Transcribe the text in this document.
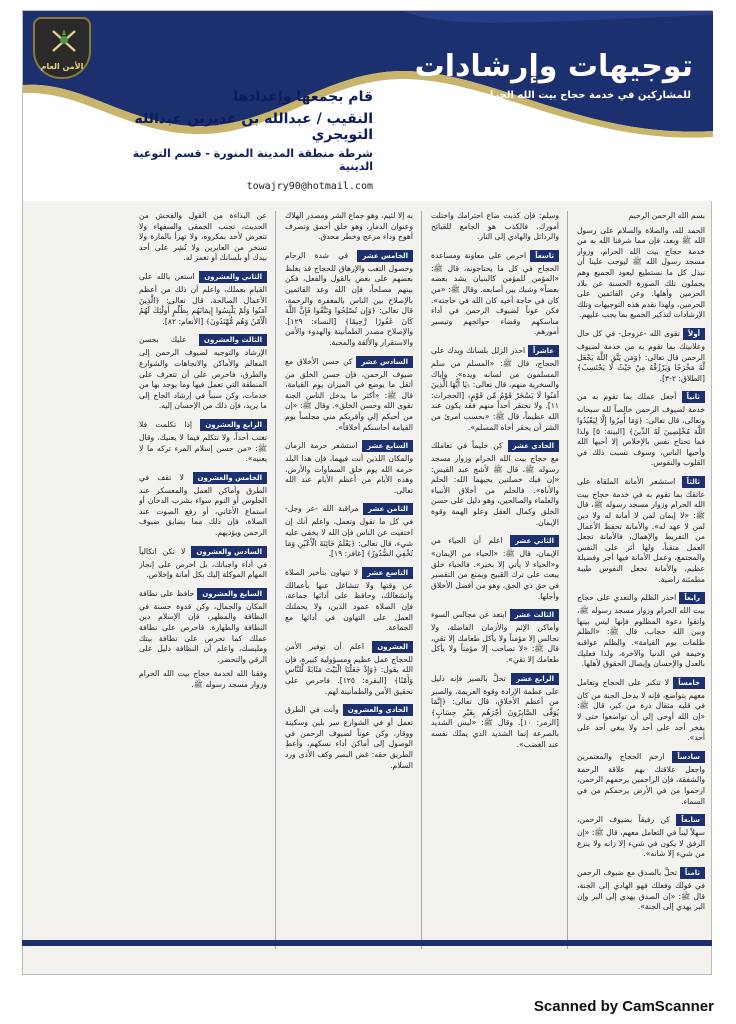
توجيهات وإرشادات
للمشاركين في خدمة حجاج بيت الله الحرام ومسجد رسول الله ﷺ
الأمن العام
قام بجمعها وإعدادها
النقيب / عبدالله بن غديربن عبدالله التويجري
شرطة منطقة المدينة المنورة - قسم التوعية الدينية
towajry90@hotmail.com

بسم الله الرحمن الرحيم

الحمد لله، والصلاة والسلام على رسول الله ﷺ وبعد، فإن مما شرفنا الله به من خدمة حجاج بيت الله الحرام، وزوار مسجد رسول الله ﷺ ليوجب علينا أن نبذل كل ما نستطيع ليعود الجميع وهم يحملون تلك الصورة الحسنة عن بلاد الحرمين وأهلها. وعن القائمين على الحرمين، ولهذا نقدم هذه التوجيهات وتلك الإرشادات لتذكير الجميع بما يجب عليهم.

أولاً تقوى الله -عزوجل- في كل حال وعلانيتك بما تقوم به من خدمة لضيوف الرحمن قال تعالى: ﴿وَمَن يَتَّقِ اللَّهَ يَجْعَل لَّهُ مَخْرَجًا وَيَرْزُقْهُ مِنْ حَيْثُ لَا يَحْتَسِبُ﴾ [الطلاق: ٢-٣].

ثانياً أجعل عملك بما تقوم به من خدمة لضيوف الرحمن خالصاً لله سبحانه وتعالى، قال تعالى: ﴿وَمَا أُمِرُوا إِلَّا لِيَعْبُدُوا اللَّهَ مُخْلِصِينَ لَهُ الدِّينَ﴾ [البينة: ٥] ولذا فما تحتاج نفس بالإخلاص إلا أحبها الله وأحبها الناس، وسوف تسبب ذلك في القلوب والنفوس.

ثالثاً استشعر الأمانة الملقاة على عاتقك بما تقوم به في خدمة حجاج بيت الله الحرام وزوار مسجد رسوله ﷺ، قال ﷺ: «لا إيمان لمن لا أمانة له ولا دين لمن لا عهد له». والأمانة تحفظ الأعمال من التفريط والإهمال، فالأمانة تجعل العمل متقناً، ولها أثر على النفس والمجتمع، وعمل الأمانة فيها أجر وفضيلة عظيم، والأمانة تجعل النفوس طيبة مطمئنة راضية.

رابعاً احذر الظلم والتعدي على حجاج بيت الله الحرام وزوار مسجد رسوله ﷺ، واتقوا دعوة المظلوم فإنها ليس بينها وبين الله حجاب، قال ﷺ: «الظلم ظلمات يوم القيامة». والظلم عواقبه وخيمة في الدنيا والآخرة، ولذا فعليك بالعدل والإحسان وإيصال الحقوق لأهلها.

خامساً لا تتكبر على الحجاج وتعامل معهم بتواضع، فإنه لا يدخل الجنة من كان في قلبه مثقال ذرة من كبر، قال ﷺ: «إن الله أوحى إلي أن تواضعوا حتى لا يفخر أحد على أحد ولا يبغي أحد على أحد».

سادساً ارحم الحجاج والمعتمرين واجعل علاقتك بهم علاقة الرحمة والشفقة، فإن الراحمين يرحمهم الرحمن، ارحموا من في الأرض يرحمكم من في السماء.

سابعاً كن رفيقاً بضيوف الرحمن، سهلاً ليناً في التعامل معهم، قال ﷺ: «إن الرفق لا يكون في شيء إلا زانه ولا ينزع من شيء إلا شانه».

ثامناً تحلَّ بالصدق مع ضيوف الرحمن في قولك وفعلك فهو الهادي إلى الجنة، قال ﷺ: «إن الصدق يهدي إلى البر وإن البر يهدي إلى الجنة».

وسلم: فإن كذبت ضاع احترامك واختلت أمورك. فالكذب هو الجامع للقبائح والرذائل والهادي إلى النار.

تاسعاً احرص على معاونة ومساعدة الحجاج في كل ما يحتاجونه، قال ﷺ: «المؤمن للمؤمن كالبنيان يشد بعضه بعضاً» وشبك بين أصابعه. وقال ﷺ: «من كان في حاجة أخيه كان الله في حاجته». فكن عوناً لضيوف الرحمن في أداء مناسكهم وقضاء حوائجهم وتيسير أمورهم.

عاشراً احذر الزلل بلسانك ويدك على الحجاج، قال ﷺ: «المسلم من سلم المسلمون من لسانه ويده». وإياك والسخرية منهم، قال تعالى: ﴿يَا أَيُّهَا الَّذِينَ آمَنُوا لَا يَسْخَرْ قَوْمٌ مِّن قَوْمٍ﴾ [الحجرات: ١١]. ولا تحتقر أحداً منهم فقد يكون عند الله عظيماً، قال ﷺ: «بحسب امرئ من الشر أن يحقر أخاه المسلم».

الحادي عشر كن حليماً في تعاملك مع حجاج بيت الله الحرام وزوار مسجد رسوله ﷺ، قال ﷺ لأشج عبد القيس: «إن فيك خصلتين يحبهما الله: الحلم والأناة». فالحلم من أخلاق الأنبياء والعلماء والصالحين، وهو دليل على حسن الخلق وكمال العقل وعلو الهمة وقوة الإيمان.

الثاني عشر اعلم أن الحياء من الإيمان، قال ﷺ: «الحياء من الإيمان» و«الحياء لا يأتي إلا بخير». فالحياء خلق يبعث على ترك القبيح ويمنع من التقصير في حق ذي الحق، وهو من أفضل الأخلاق وأجلها.

الثالث عشر ابتعد عن مجالس السوء وأماكن الإثم والأزمان الفاضلة، ولا تجالس إلا مؤمناً ولا يأكل طعامك إلا تقي، قال ﷺ: «لا تصاحب إلا مؤمناً ولا يأكل طعامك إلا تقي».

الرابع عشر تحلَّ بالصبر فإنه دليل على عظمة الإرادة وقوة العزيمة، والصبر من أعظم الأخلاق، قال تعالى: ﴿إِنَّمَا يُوَفَّى الصَّابِرُونَ أَجْرَهُم بِغَيْرِ حِسَابٍ﴾ [الزمر: ١٠]. وقال ﷺ: «ليس الشديد بالصرعة إنما الشديد الذي يملك نفسه عند الغضب».

به إلا لئيم، وهو جماع الشر ومصدر الهلاك وعنوان الدمار، وهو خلق أحمق وتصرف أهوج وداء مزعج وخطر محدق.

الخامس عشر في شدة الزحام وحصول التعب والإرهاق للحجاج قد يغلظ بعضهم على بعض بالقول والفعل، فكن بينهم مصلحاً، فإن الله وعد القائمين بالإصلاح بين الناس بالمغفرة والرحمة، قال تعالى: ﴿وَإِن تُصْلِحُوا وَتَتَّقُوا فَإِنَّ اللَّهَ كَانَ غَفُورًا رَّحِيمًا﴾ [النساء: ١٢٩]. والإصلاح مصدر الطمأنينة والهدوء والأمن والاستقرار والألفة والمحبة.

السادس عشر كن حسن الأخلاق مع ضيوف الرحمن، فإن حسن الخلق من أثقل ما يوضع في الميزان يوم القيامة، قال ﷺ: «أكثر ما يدخل الناس الجنة تقوى الله وحسن الخلق». وقال ﷺ: «إن من أحبكم إلي وأقربكم مني مجلساً يوم القيامة أحاسنكم أخلاقاً».

السابع عشر استشعر حرمة الزمان والمكان اللذين أنت فيهما، فإن هذا البلد حرمه الله يوم خلق السماوات والأرض، وهذه الأيام من أعظم الأيام عند الله تعالى.

الثامن عشر مراقبة الله -عز وجل- في كل ما تقول وتعمل، واعلم أنك إن اختفيت عن الناس فإن الله لا يخفى عليه شيء، قال تعالى: ﴿يَعْلَمُ خَائِنَةَ الْأَعْيُنِ وَمَا تُخْفِي الصُّدُورُ﴾ [غافر: ١٩].

التاسع عشر لا تتهاون بتأخير الصلاة عن وقتها ولا تتشاغل عنها بأعمالك وانشغالك، وحافظ على أدائها جماعة، فإن الصلاة عمود الدين، ولا يحملنك العمل على التهاون في أدائها مع الجماعة.

العشرون اعلم أن توفير الأمن للحجاج عمل عظيم ومسؤولية كبيرة، فإن الله يقول: ﴿وَإِذْ جَعَلْنَا الْبَيْتَ مَثَابَةً لِّلنَّاسِ وَأَمْنًا﴾ [البقرة: ١٢٥]. فاحرص على تحقيق الأمن والطمأنينة لهم.

الحادي والعشرون وأنت في الطرق تعمل أو في الشوارع سر بلين وسكينة ووقار، وكن عوناً لضيوف الرحمن في الوصول إلى أماكن أداء نسكهم، وأعطِ الطريق حقه: غض البصر وكف الأذى ورد السلام.

عن البذاءة من القول والفحش من الحديث، تجنب الحمقى والسفهاء ولا تتعرض لأحد بمكروه، ولا تهزأ بالمارة ولا تسخر من العابرين ولا تُشِر على أحد بيدك أو بلسانك أو تغمز له.

الثاني والعشرون استعن بالله على القيام بعملك، واعلم أن ذلك من أعظم الأعمال الصالحة، قال تعالى: ﴿الَّذِينَ آمَنُوا وَلَمْ يَلْبِسُوا إِيمَانَهُم بِظُلْمٍ أُولَٰئِكَ لَهُمُ الْأَمْنُ وَهُم مُّهْتَدُونَ﴾ [الأنعام: ٨٢].

الثالث والعشرون عليك بحسن الإرشاد والتوجيه لضيوف الرحمن إلى المعالم والأماكن والاتجاهات والشوارع والطرق، فاحرص على أن تتعرف على المنطقة التي تعمل فيها وما يوجد بها من خدمات، وكن سبباً في إرشاد الحاج إلى ما يريد، فإن ذلك من الإحسان إليه.

الرابع والعشرون إذا تكلمت فلا تغتب أحداً، ولا تتكلم فيما لا يعنيك، وقال ﷺ: «من حسن إسلام المرء تركه ما لا يعنيه».

الخامس والعشرون لا تقف في الطرق وأماكن العمل والمعسكر عند الجلوس أو النوم سواء بشرب الدخان أو استماع الأغاني، أو رفع الصوت عند الصلاة، فإن ذلك مما يضايق ضيوف الرحمن ويؤذيهم.

السادس والعشرون لا تكن اتكالياً في أداء واجباتك، بل احرص على إنجاز المهام الموكلة إليك بكل أمانة وإخلاص.

السابع والعشرون حافظ على نظافة المكان والجمال، وكن قدوة حسنة في النظافة والمظهر، فإن الإسلام دين النظافة والطهارة. فاحرص على نظافة عملك كما تحرص على نظافة بيتك وملبسك، واعلم أن النظافة دليل على الرقي والتحضر.

وفقنا الله لخدمة حجاج بيت الله الحرام وزوار مسجد رسوله ﷺ.

Scanned by CamScanner
